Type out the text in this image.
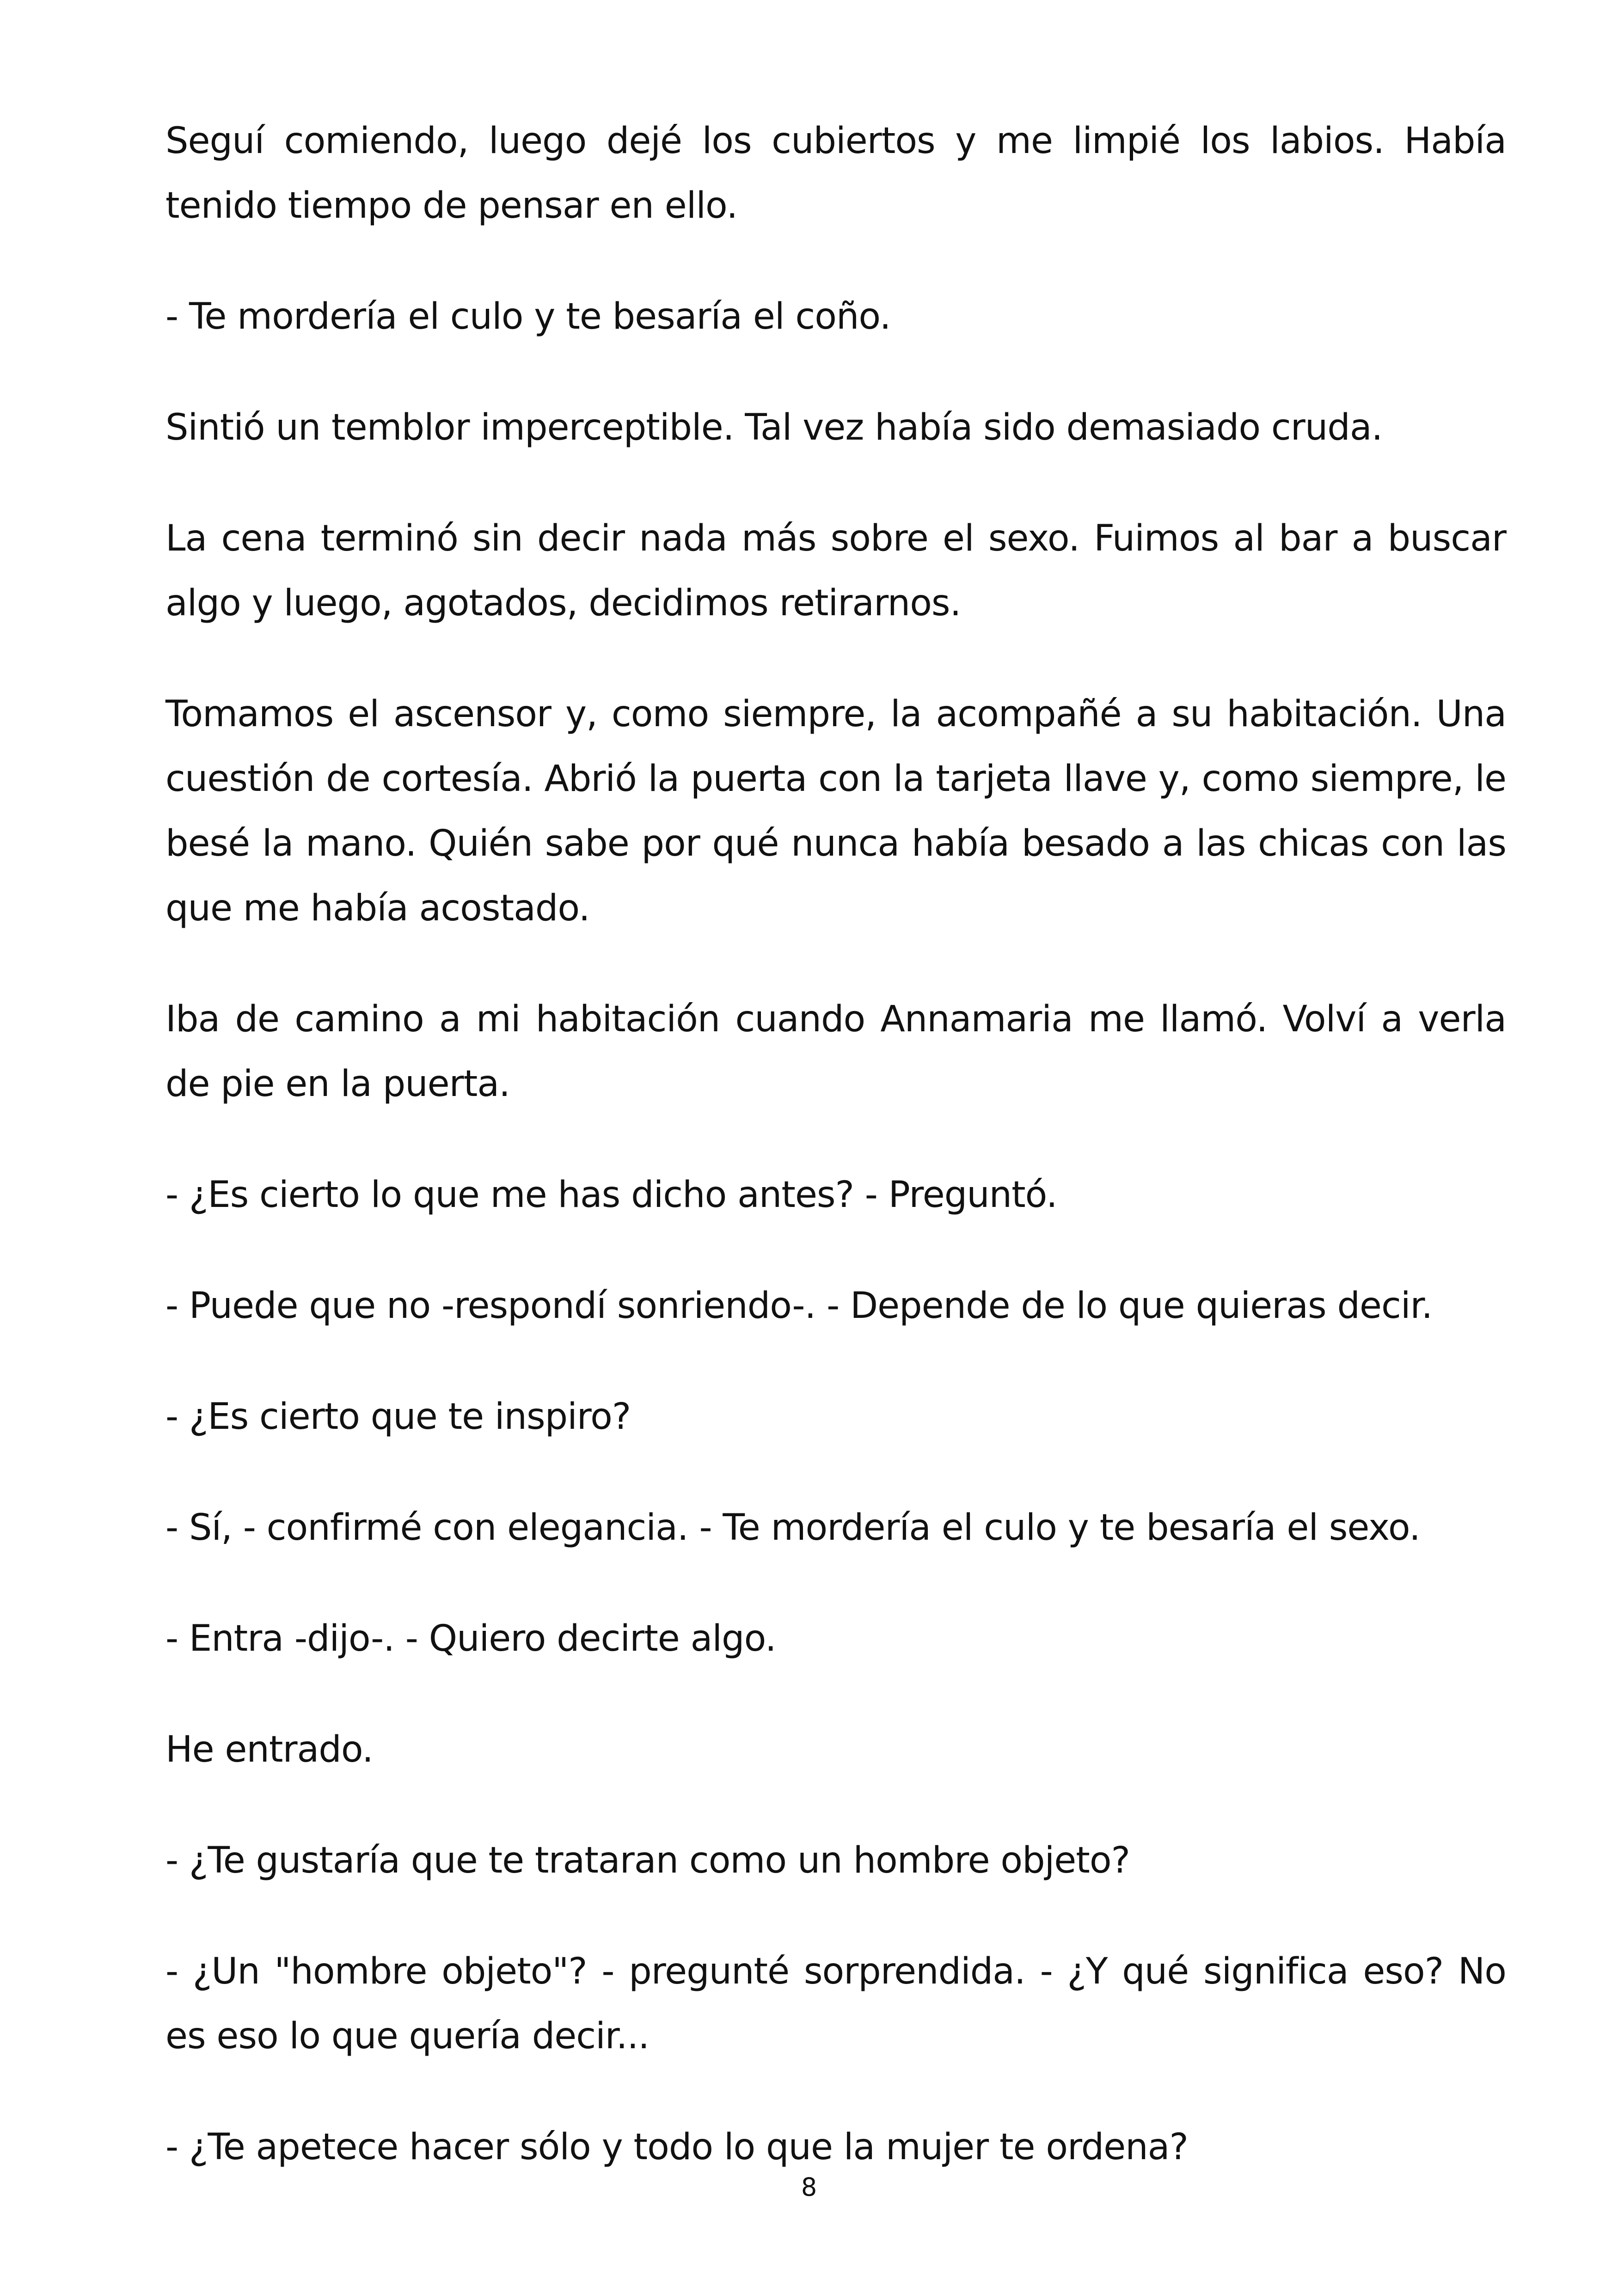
Seguí comiendo, luego dejé los cubiertos y me limpié los labios. Había tenido tiempo de pensar en ello.

- Te mordería el culo y te besaría el coño.

Sintió un temblor imperceptible. Tal vez había sido demasiado cruda.

La cena terminó sin decir nada más sobre el sexo. Fuimos al bar a buscar algo y luego, agotados, decidimos retirarnos.

Tomamos el ascensor y, como siempre, la acompañé a su habitación. Una cuestión de cortesía. Abrió la puerta con la tarjeta llave y, como siempre, le besé la mano. Quién sabe por qué nunca había besado a las chicas con las que me había acostado.

Iba de camino a mi habitación cuando Annamaria me llamó. Volví a verla de pie en la puerta.

- ¿Es cierto lo que me has dicho antes? - Preguntó.

- Puede que no -respondí sonriendo-. - Depende de lo que quieras decir.

- ¿Es cierto que te inspiro?

- Sí, - confirmé con elegancia. - Te mordería el culo y te besaría el sexo.

- Entra -dijo-. - Quiero decirte algo.

He entrado.

- ¿Te gustaría que te trataran como un hombre objeto?

- ¿Un "hombre objeto"? - pregunté sorprendida. - ¿Y qué significa eso? No es eso lo que quería decir...

- ¿Te apetece hacer sólo y todo lo que la mujer te ordena?

8
